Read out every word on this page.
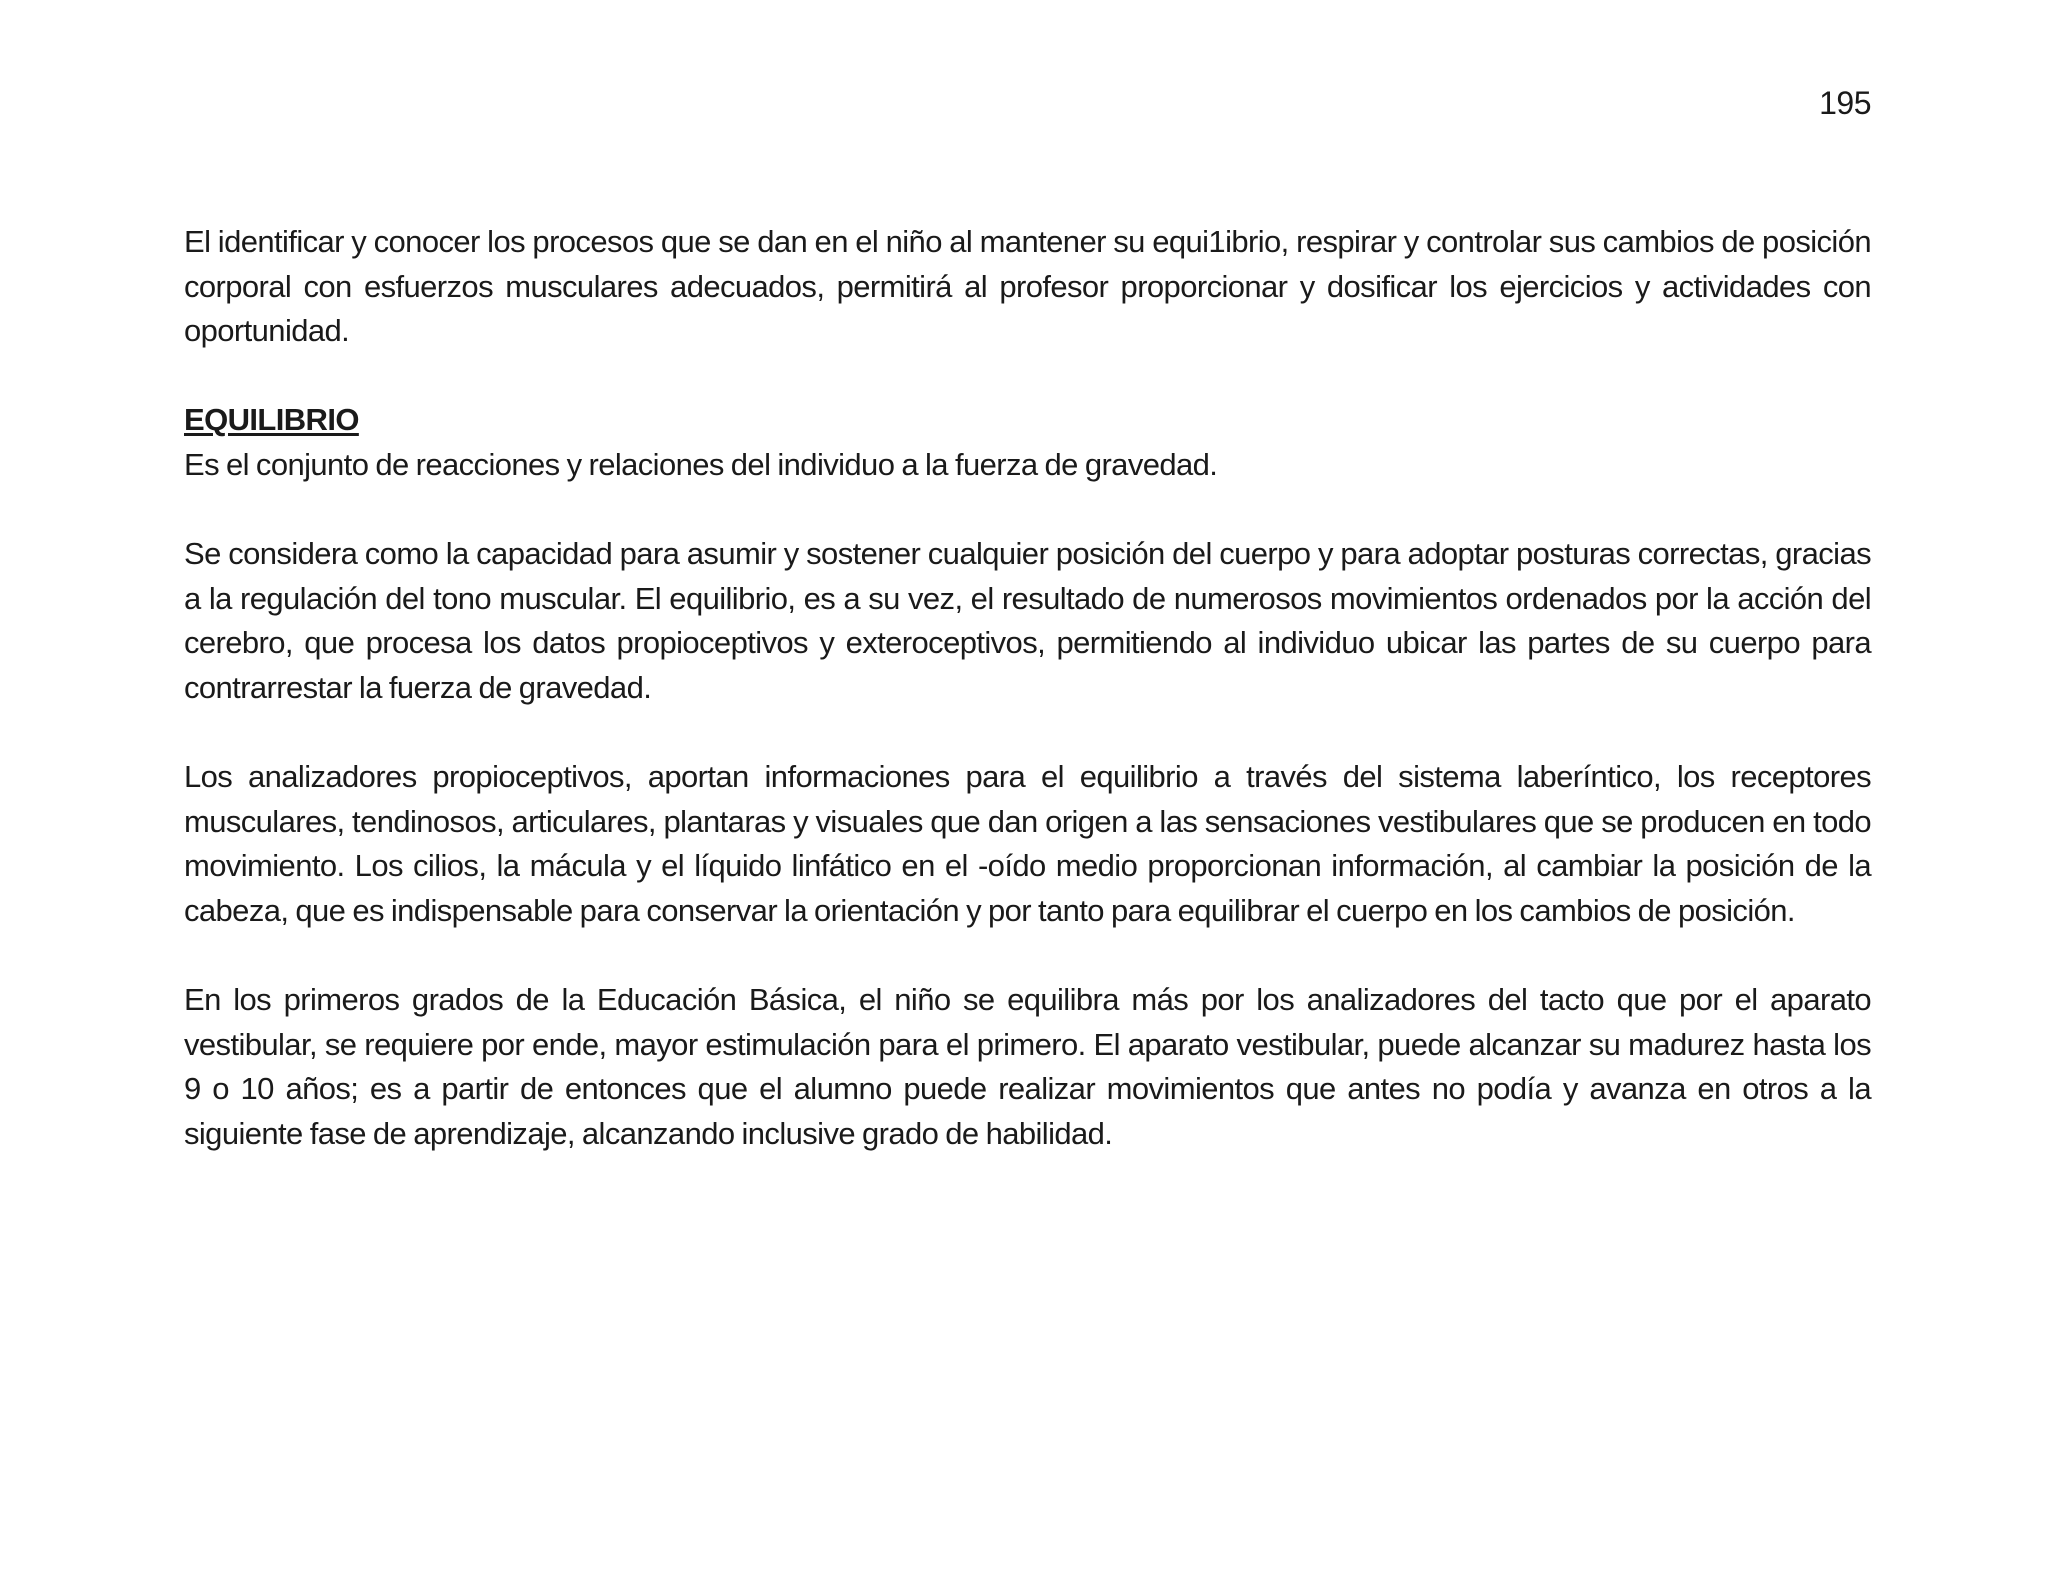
195

El identificar y conocer los procesos que se dan en el niño al mantener su equi1ibrio, respirar y controlar sus cambios de posición corporal con esfuerzos musculares adecuados, permitirá al profesor proporcionar y dosificar los ejercicios y actividades con oportunidad.

EQUILIBRIO

Es el conjunto de reacciones y relaciones del individuo a la fuerza de gravedad.

Se considera como la capacidad para asumir y sostener cualquier posición del cuerpo y para adoptar posturas correctas, gracias a la regulación del tono muscular. El equilibrio, es a su vez, el resultado de numerosos movimientos ordenados por la acción del cerebro, que procesa los datos propioceptivos y exteroceptivos, permitiendo al individuo ubicar las partes de su cuerpo para contrarrestar la fuerza de gravedad.

Los analizadores propioceptivos, aportan informaciones para el equilibrio a través del sistema laberíntico, los receptores musculares, tendinosos, articulares, plantaras y visuales que dan origen a las sensaciones vestibulares que se producen en todo movimiento. Los cilios, la mácula y el líquido linfático en el -oído medio proporcionan información, al cambiar la posición de la cabeza, que es indispensable para conservar la orientación y por tanto para equilibrar el cuerpo en los cambios de posición.

En los primeros grados de la Educación Básica, el niño se equilibra más por los analizadores del tacto que por el aparato vestibular, se requiere por ende, mayor estimulación para el primero. El aparato vestibular, puede alcanzar su madurez hasta los 9 o 10 años; es a partir de entonces que el alumno puede realizar movimientos que antes no podía y avanza en otros a la siguiente fase de aprendizaje, alcanzando inclusive grado de habilidad.
